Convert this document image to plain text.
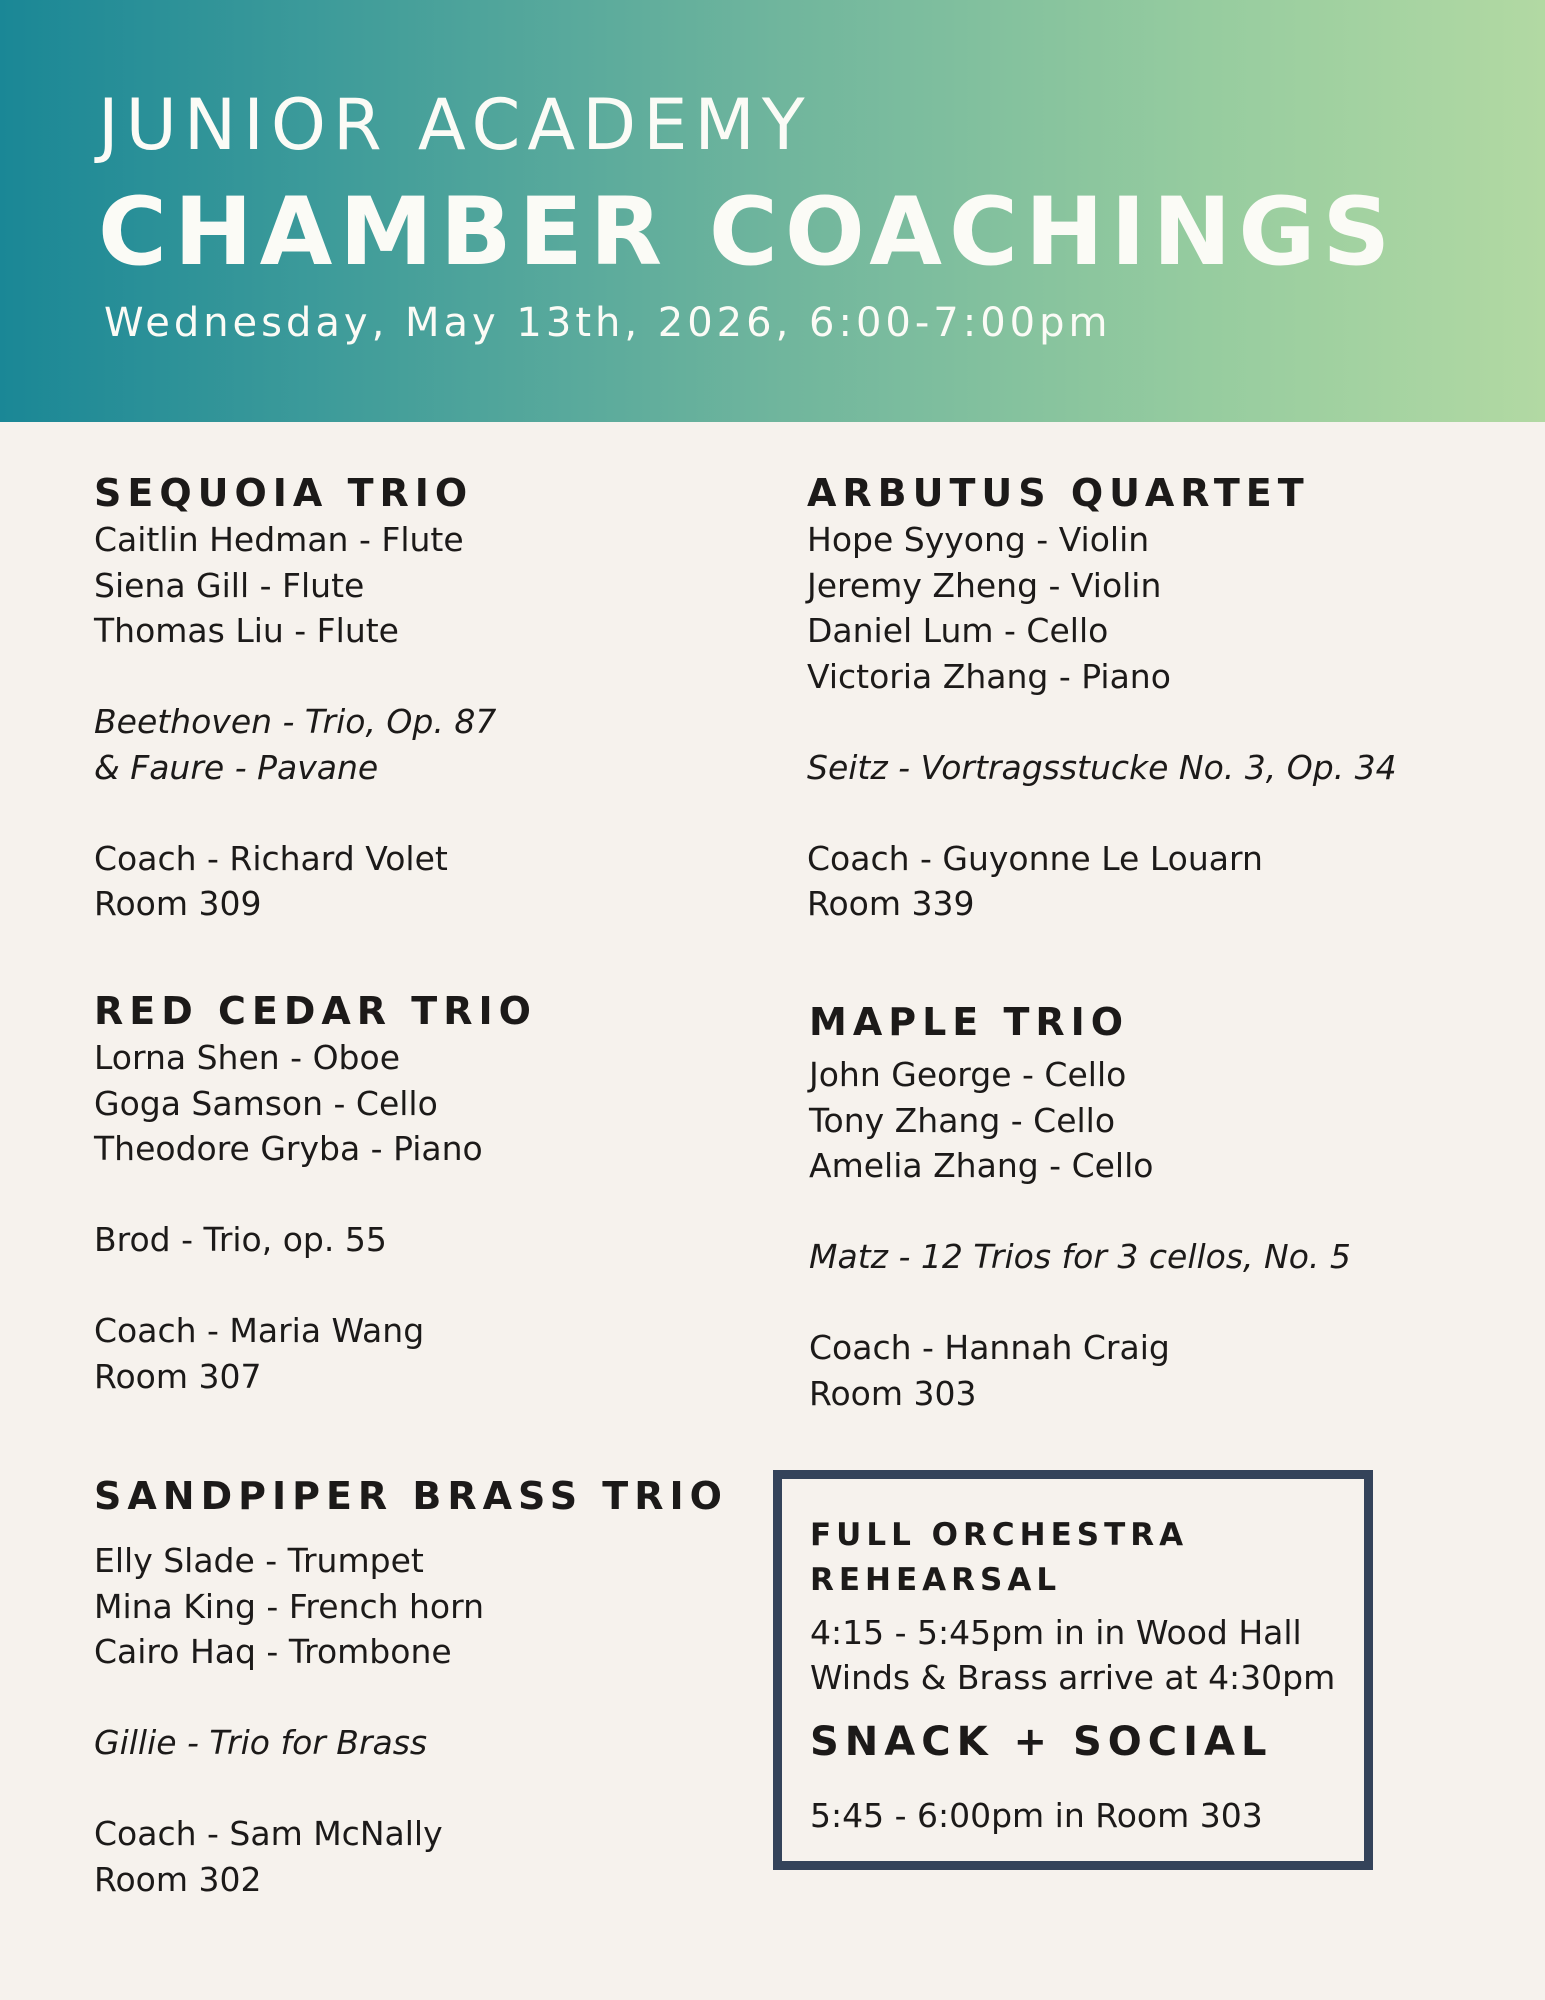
JUNIOR ACADEMY
CHAMBER COACHINGS
Wednesday, May 13th, 2026, 6:00-7:00pm
SEQUOIA TRIO
Caitlin Hedman - Flute
Siena Gill - Flute
Thomas Liu - Flute
Beethoven - Trio, Op. 87
& Faure - Pavane
Coach - Richard Volet
Room 309
ARBUTUS QUARTET
Hope Syyong - Violin
Jeremy Zheng - Violin
Daniel Lum - Cello
Victoria Zhang - Piano
Seitz - Vortragsstucke No. 3, Op. 34
Coach - Guyonne Le Louarn
Room 339
RED CEDAR TRIO
Lorna Shen - Oboe
Goga Samson - Cello
Theodore Gryba - Piano
Brod - Trio, op. 55
Coach - Maria Wang
Room 307
MAPLE TRIO
John George - Cello
Tony Zhang - Cello
Amelia Zhang - Cello
Matz - 12 Trios for 3 cellos, No. 5
Coach - Hannah Craig
Room 303
SANDPIPER BRASS TRIO
Elly Slade - Trumpet
Mina King - French horn
Cairo Haq - Trombone
Gillie - Trio for Brass
Coach - Sam McNally
Room 302
FULL ORCHESTRA
REHEARSAL
4:15 - 5:45pm in in Wood Hall
Winds & Brass arrive at 4:30pm
SNACK + SOCIAL
5:45 - 6:00pm in Room 303
